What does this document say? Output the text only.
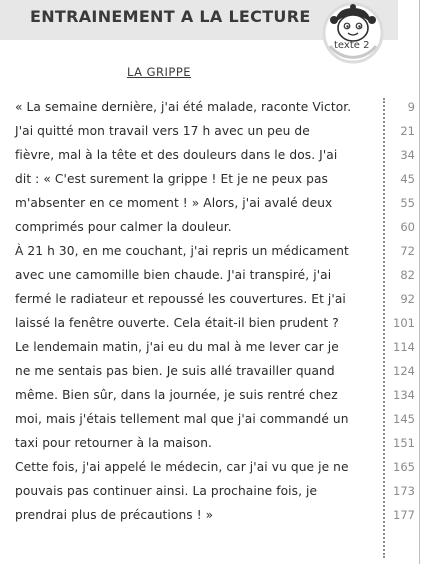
ENTRAINEMENT A LA LECTURE
texte 2
LA GRIPPE
« La semaine dernière, j'ai été malade, raconte Victor.
J'ai quitté mon travail vers 17 h avec un peu de
fièvre, mal à la tête et des douleurs dans le dos. J'ai
dit : « C'est surement la grippe ! Et je ne peux pas
m'absenter en ce moment ! » Alors, j'ai avalé deux
comprimés pour calmer la douleur.
À 21 h 30, en me couchant, j'ai repris un médicament
avec une camomille bien chaude. J'ai transpiré, j'ai
fermé le radiateur et repoussé les couvertures. Et j'ai
laissé la fenêtre ouverte. Cela était-il bien prudent ?
Le lendemain matin, j'ai eu du mal à me lever car je
ne me sentais pas bien. Je suis allé travailler quand
même. Bien sûr, dans la journée, je suis rentré chez
moi, mais j'étais tellement mal que j'ai commandé un
taxi pour retourner à la maison.
Cette fois, j'ai appelé le médecin, car j'ai vu que je ne
pouvais pas continuer ainsi. La prochaine fois, je
prendrai plus de précautions ! »
9
21
34
45
55
60
72
82
92
101
114
124
134
145
151
165
173
177
